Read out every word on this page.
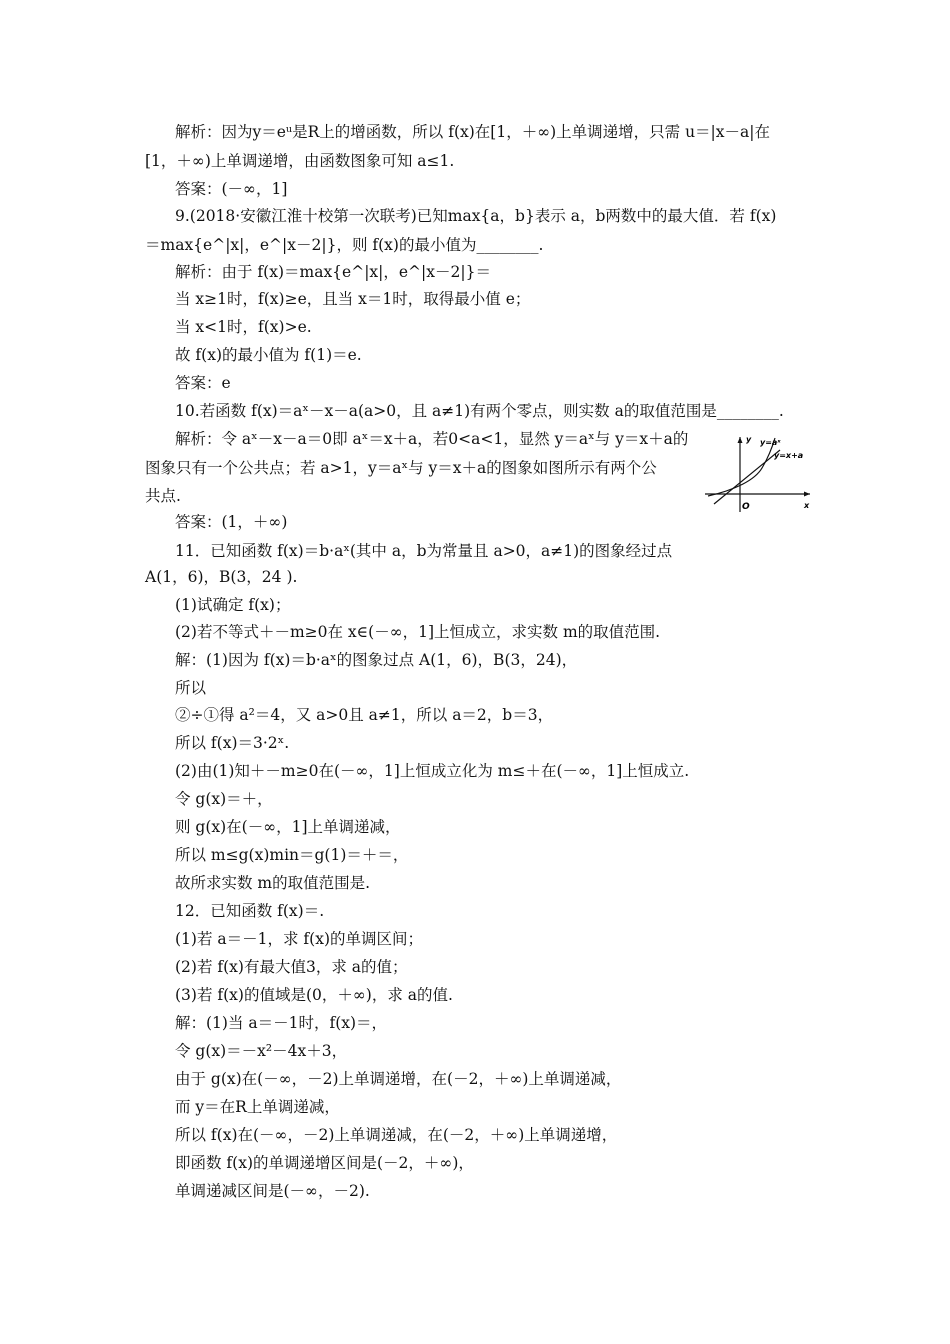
解析：因为y＝eᵘ是R上的增函数，所以 f(x)在[1，＋∞)上单调递增，只需 u＝|x－a|在
[1，＋∞)上单调递增，由函数图象可知 a≤1.
答案：(－∞，1]
9.(2018·安徽江淮十校第一次联考)已知max{a，b}表示 a，b两数中的最大值．若 f(x)
＝max{e^|x|，e^|x－2|}，则 f(x)的最小值为________.
解析：由于 f(x)＝max{e^|x|，e^|x－2|}＝
当 x≥1时，f(x)≥e，且当 x＝1时，取得最小值 e；
当 x<1时，f(x)>e.
故 f(x)的最小值为 f(1)＝e.
答案：e
10.若函数 f(x)＝aˣ－x－a(a>0，且 a≠1)有两个零点，则实数 a的取值范围是________.
解析：令 aˣ－x－a＝0即 aˣ＝x＋a，若0<a<1，显然 y＝aˣ与 y＝x＋a的
图象只有一个公共点；若 a>1，y＝aˣ与 y＝x＋a的图象如图所示有两个公
共点.
答案：(1，＋∞)
11．已知函数 f(x)＝b·aˣ(其中 a，b为常量且 a>0，a≠1)的图象经过点
A(1，6)，B(3，24 ).
(1)试确定 f(x)；
(2)若不等式＋－m≥0在 x∈(－∞，1]上恒成立，求实数 m的取值范围.
解：(1)因为 f(x)＝b·aˣ的图象过点 A(1，6)，B(3，24)，
所以
②÷①得 a²＝4，又 a>0且 a≠1，所以 a＝2，b＝3，
所以 f(x)＝3·2ˣ.
(2)由(1)知＋－m≥0在(－∞，1]上恒成立化为 m≤＋在(－∞，1]上恒成立.
令 g(x)＝＋，
则 g(x)在(－∞，1]上单调递减，
所以 m≤g(x)min＝g(1)＝＋＝，
故所求实数 m的取值范围是.
12．已知函数 f(x)＝.
(1)若 a＝－1，求 f(x)的单调区间；
(2)若 f(x)有最大值3，求 a的值；
(3)若 f(x)的值域是(0，＋∞)，求 a的值.
解：(1)当 a＝－1时，f(x)＝，
令 g(x)＝－x²－4x＋3，
由于 g(x)在(－∞，－2)上单调递增，在(－2，＋∞)上单调递减，
而 y＝在R上单调递减，
所以 f(x)在(－∞，－2)上单调递减，在(－2，＋∞)上单调递增，
即函数 f(x)的单调递增区间是(－2，＋∞)，
单调递减区间是(－∞，－2).
y
x
O
y=aˣ
y=x+a
